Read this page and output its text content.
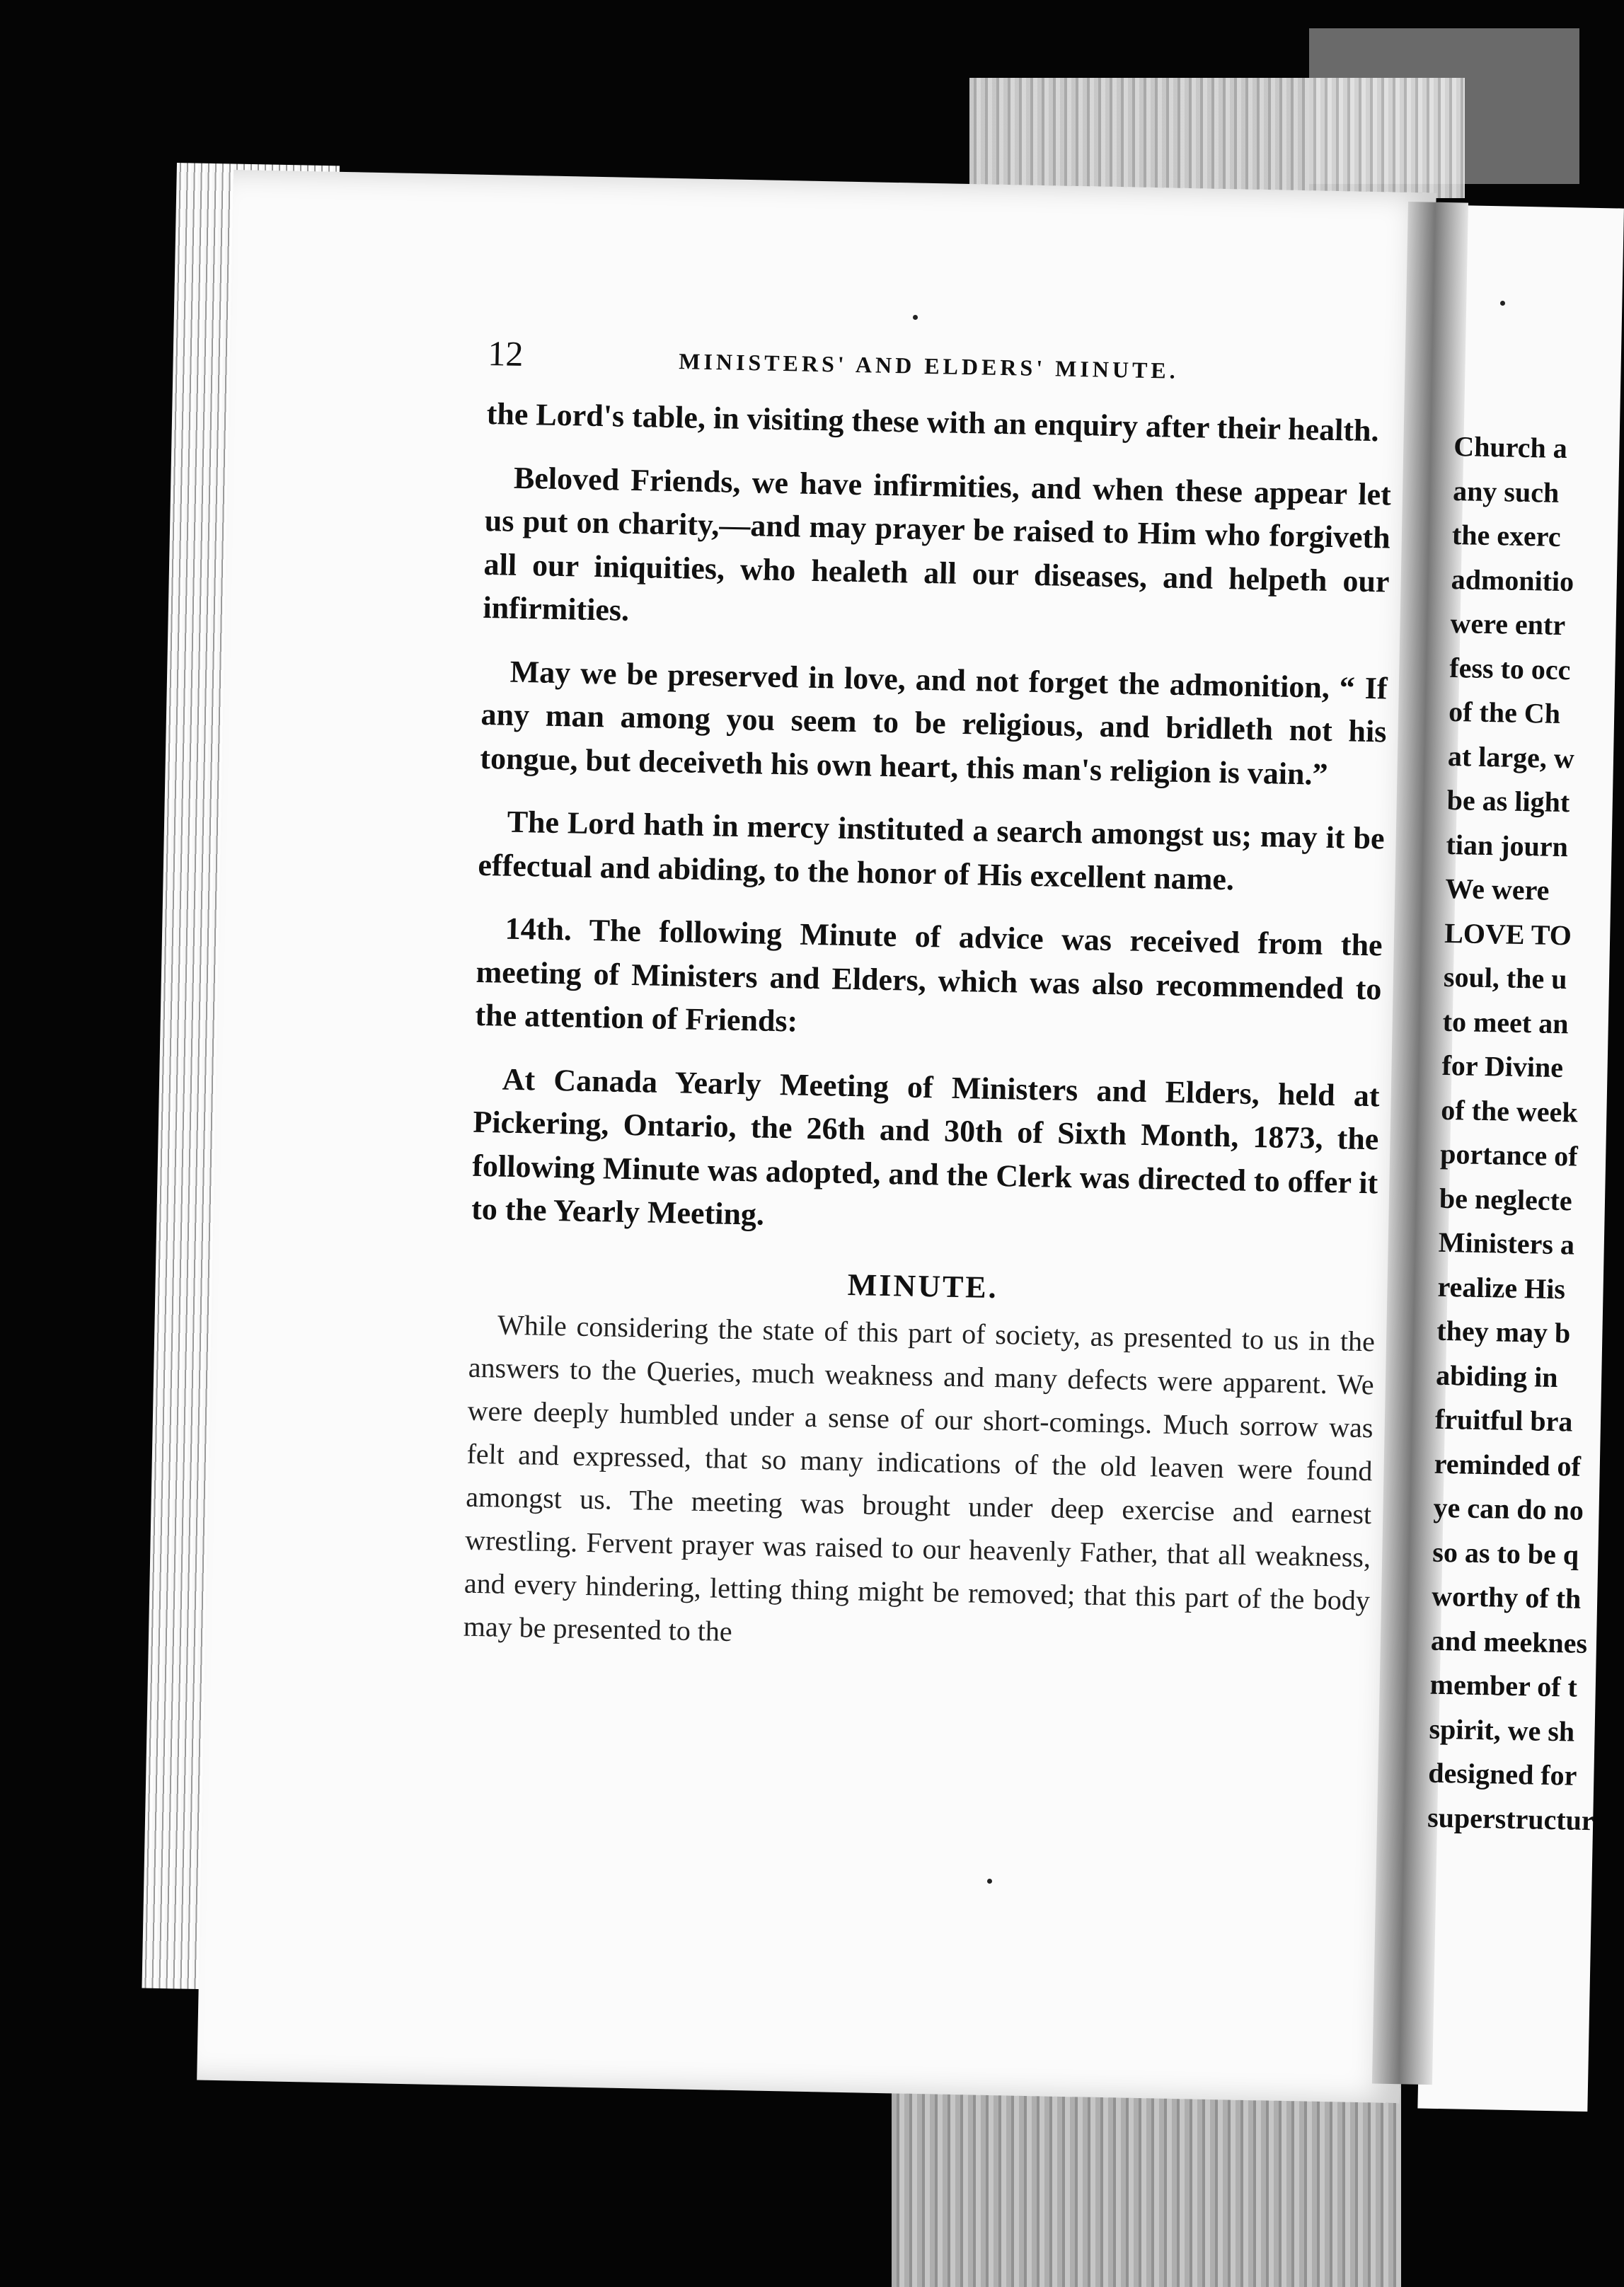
12	MINISTERS' AND ELDERS' MINUTE.

the Lord's table, in visiting these with an enquiry after their health.

Beloved Friends, we have infirmities, and when these appear let us put on charity,—and may prayer be raised to Him who forgiveth all our iniquities, who healeth all our diseases, and helpeth our infirmities.

May we be preserved in love, and not forget the admonition, “ If any man among you seem to be religious, and bridleth not his tongue, but deceiveth his own heart, this man's religion is vain.”

The Lord hath in mercy instituted a search amongst us; may it be effectual and abiding, to the honor of His excellent name.

14th. The following Minute of advice was received from the meeting of Ministers and Elders, which was also recommended to the attention of Friends:

At Canada Yearly Meeting of Ministers and Elders, held at Pickering, Ontario, the 26th and 30th of Sixth Month, 1873, the following Minute was adopted, and the Clerk was directed to offer it to the Yearly Meeting.

MINUTE.

While considering the state of this part of society, as presented to us in the answers to the Queries, much weakness and many defects were apparent. We were deeply humbled under a sense of our short-comings. Much sorrow was felt and expressed, that so many indications of the old leaven were found amongst us. The meeting was brought under deep exercise and earnest wrestling. Fervent prayer was raised to our heavenly Father, that all weakness, and every hindering, letting thing might be removed; that this part of the body may be presented to the

Church a
any such
the exerc
admonitio
were entr
fess to occ
of the Ch
at large, w
be as light
tian journ
We were
LOVE TO
soul, the u
to meet an
for Divine
of the week
portance of
be neglecte
Ministers a
realize His
they may b
abiding in
fruitful bra
reminded of
ye can do no
so as to be q
worthy of th
and meeknes
member of t
spirit, we sh
designed for
superstructur
